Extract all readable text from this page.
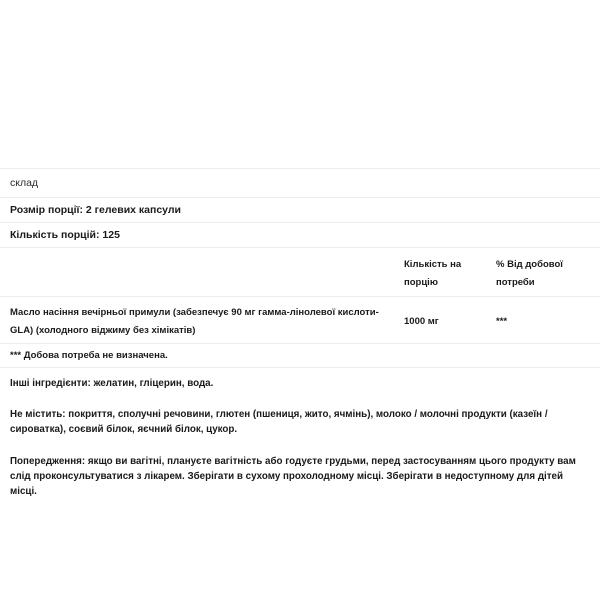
склад
Розмір порції: 2 гелевих капсули
Кількість порцій: 125
Кількість на порцію
% Від добової потреби
Масло насіння вечірньої примули (забезпечує 90 мг гамма-лінолевої кислоти-GLA) (холодного віджиму без хімікатів)
1000 мг	***
*** Добова потреба не визначена.

Інші інгредієнти: желатин, гліцерин, вода.

Не містить: покриття, сполучні речовини, глютен (пшениця, жито, ячмінь), молоко / молочні продукти (казеїн / сироватка), соєвий білок, яєчний білок, цукор.

Попередження: якщо ви вагітні, плануєте вагітність або годуєте грудьми, перед застосуванням цього продукту вам слід проконсультуватися з лікарем. Зберігати в сухому прохолодному місці. Зберігати в недоступному для дітей місці.
